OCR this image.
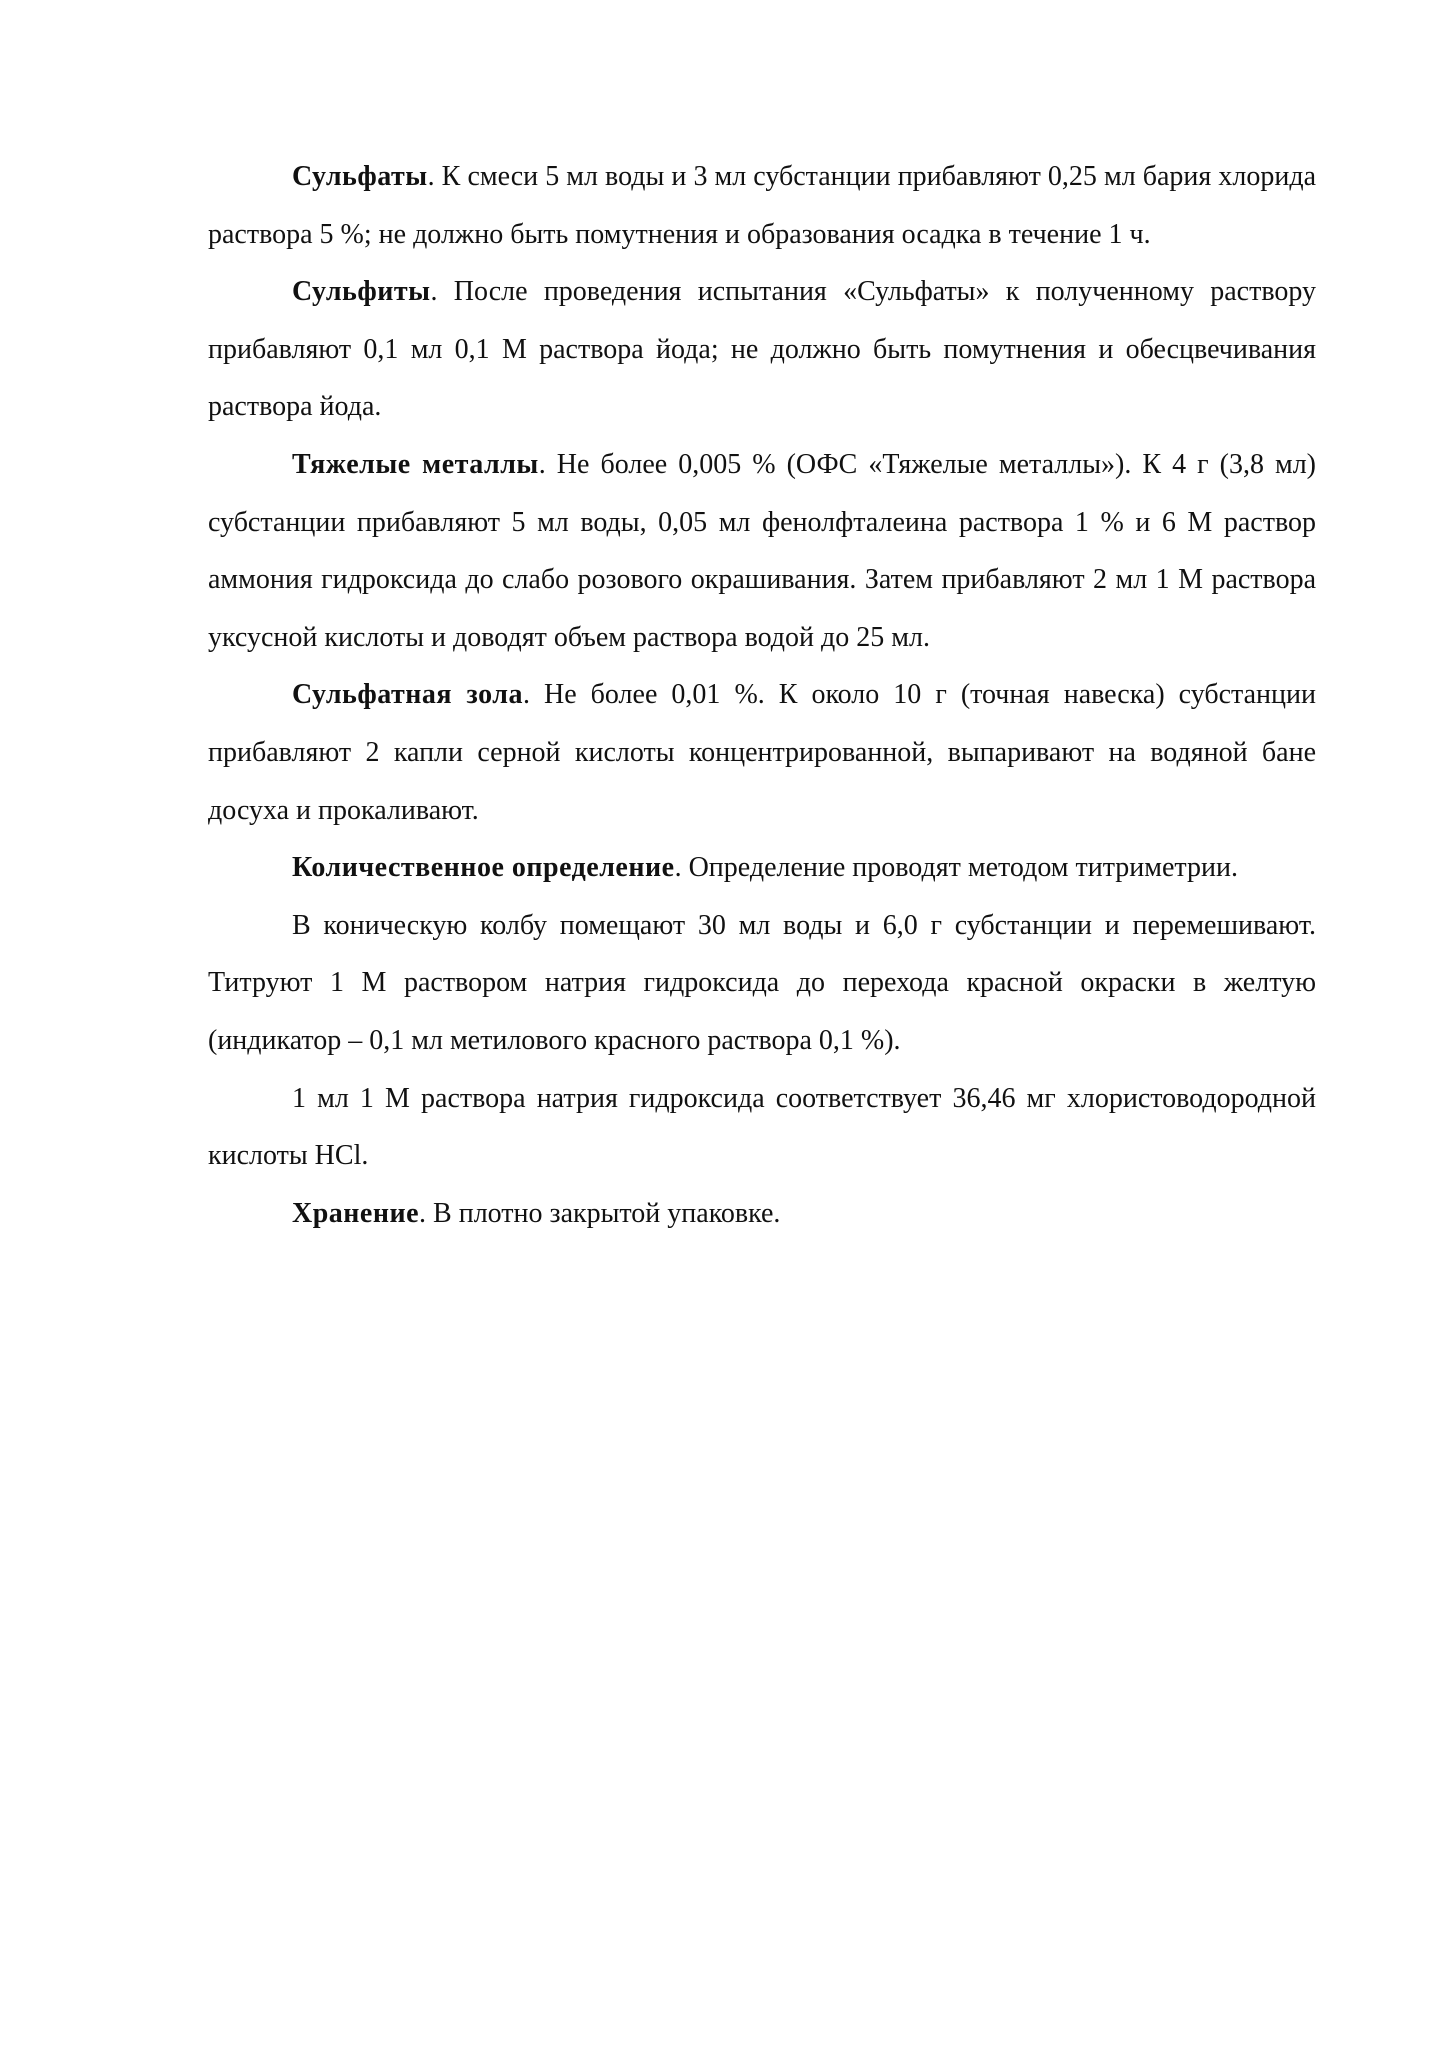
Сульфаты. К смеси 5 мл воды и 3 мл субстанции прибавляют 0,25 мл бария хлорида раствора 5 %; не должно быть помутнения и образования осадка в течение 1 ч.

Сульфиты. После проведения испытания «Сульфаты» к полученному раствору прибавляют 0,1 мл 0,1 М раствора йода; не должно быть помутнения и обесцвечивания раствора йода.

Тяжелые металлы. Не более 0,005 % (ОФС «Тяжелые металлы»). К 4 г (3,8 мл) субстанции прибавляют 5 мл воды, 0,05 мл фенолфталеина раствора 1 % и 6 М раствор аммония гидроксида до слабо розового окрашивания. Затем прибавляют 2 мл 1 М раствора уксусной кислоты и доводят объем раствора водой до 25 мл.

Сульфатная зола. Не более 0,01 %. К около 10 г (точная навеска) субстанции прибавляют 2 капли серной кислоты концентрированной, выпаривают на водяной бане досуха и прокаливают.

Количественное определение. Определение проводят методом титриметрии.

В коническую колбу помещают 30 мл воды и 6,0 г субстанции и перемешивают. Титруют 1 М раствором натрия гидроксида до перехода красной окраски в желтую (индикатор – 0,1 мл метилового красного раствора 0,1 %).

1 мл 1 М раствора натрия гидроксида соответствует 36,46 мг хлористоводородной кислоты HCl.

Хранение. В плотно закрытой упаковке.
